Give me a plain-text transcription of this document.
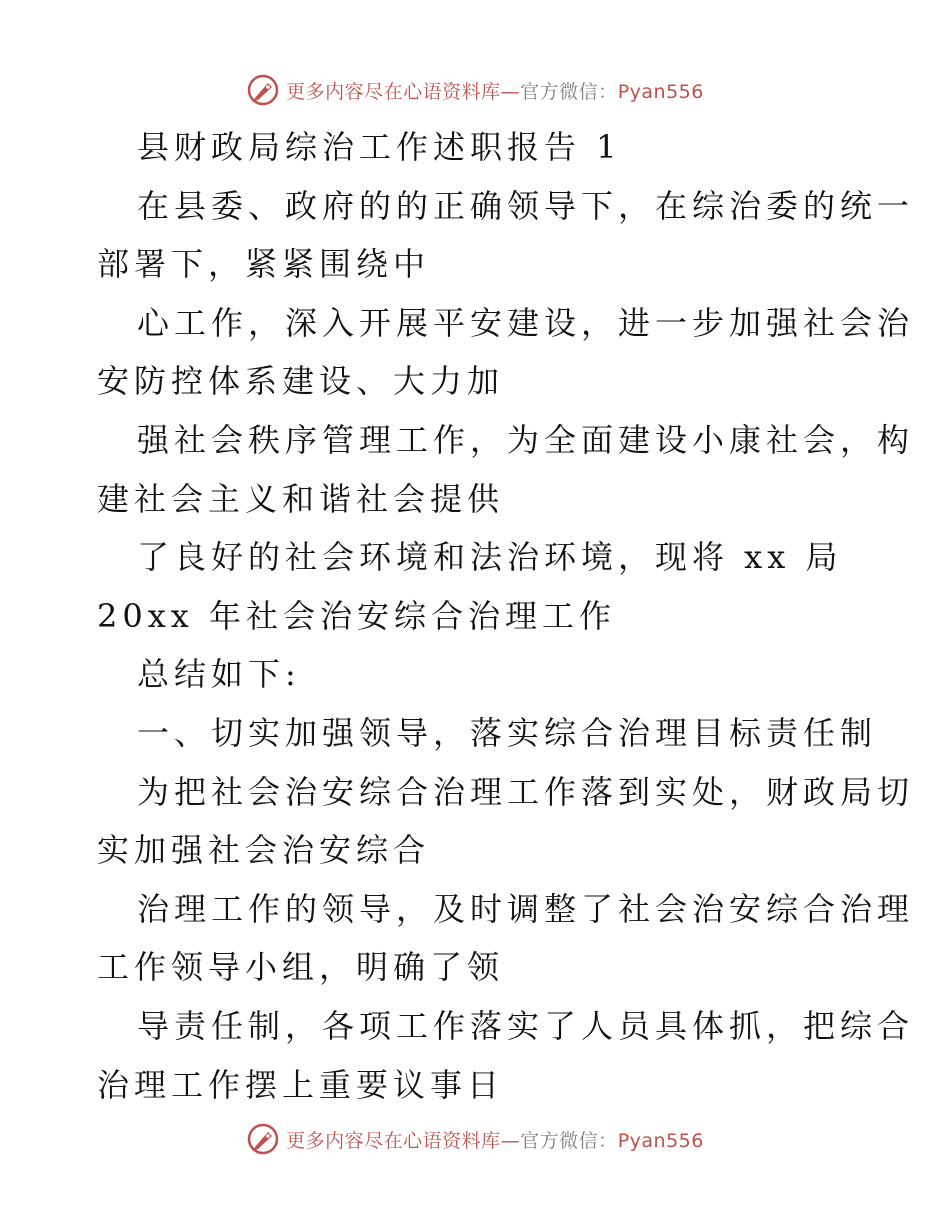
更多内容尽在心语资料库—官方微信：Pyan556
县财政局综治工作述职报告 1
在县委、政府的的正确领导下，在综治委的统一
部署下，紧紧围绕中
心工作，深入开展平安建设，进一步加强社会治
安防控体系建设、大力加
强社会秩序管理工作，为全面建设小康社会，构
建社会主义和谐社会提供
了良好的社会环境和法治环境，现将 xx 局
20xx 年社会治安综合治理工作
总结如下:
一、切实加强领导，落实综合治理目标责任制
为把社会治安综合治理工作落到实处，财政局切
实加强社会治安综合
治理工作的领导，及时调整了社会治安综合治理
工作领导小组，明确了领
导责任制，各项工作落实了人员具体抓，把综合
治理工作摆上重要议事日
更多内容尽在心语资料库—官方微信：Pyan556
